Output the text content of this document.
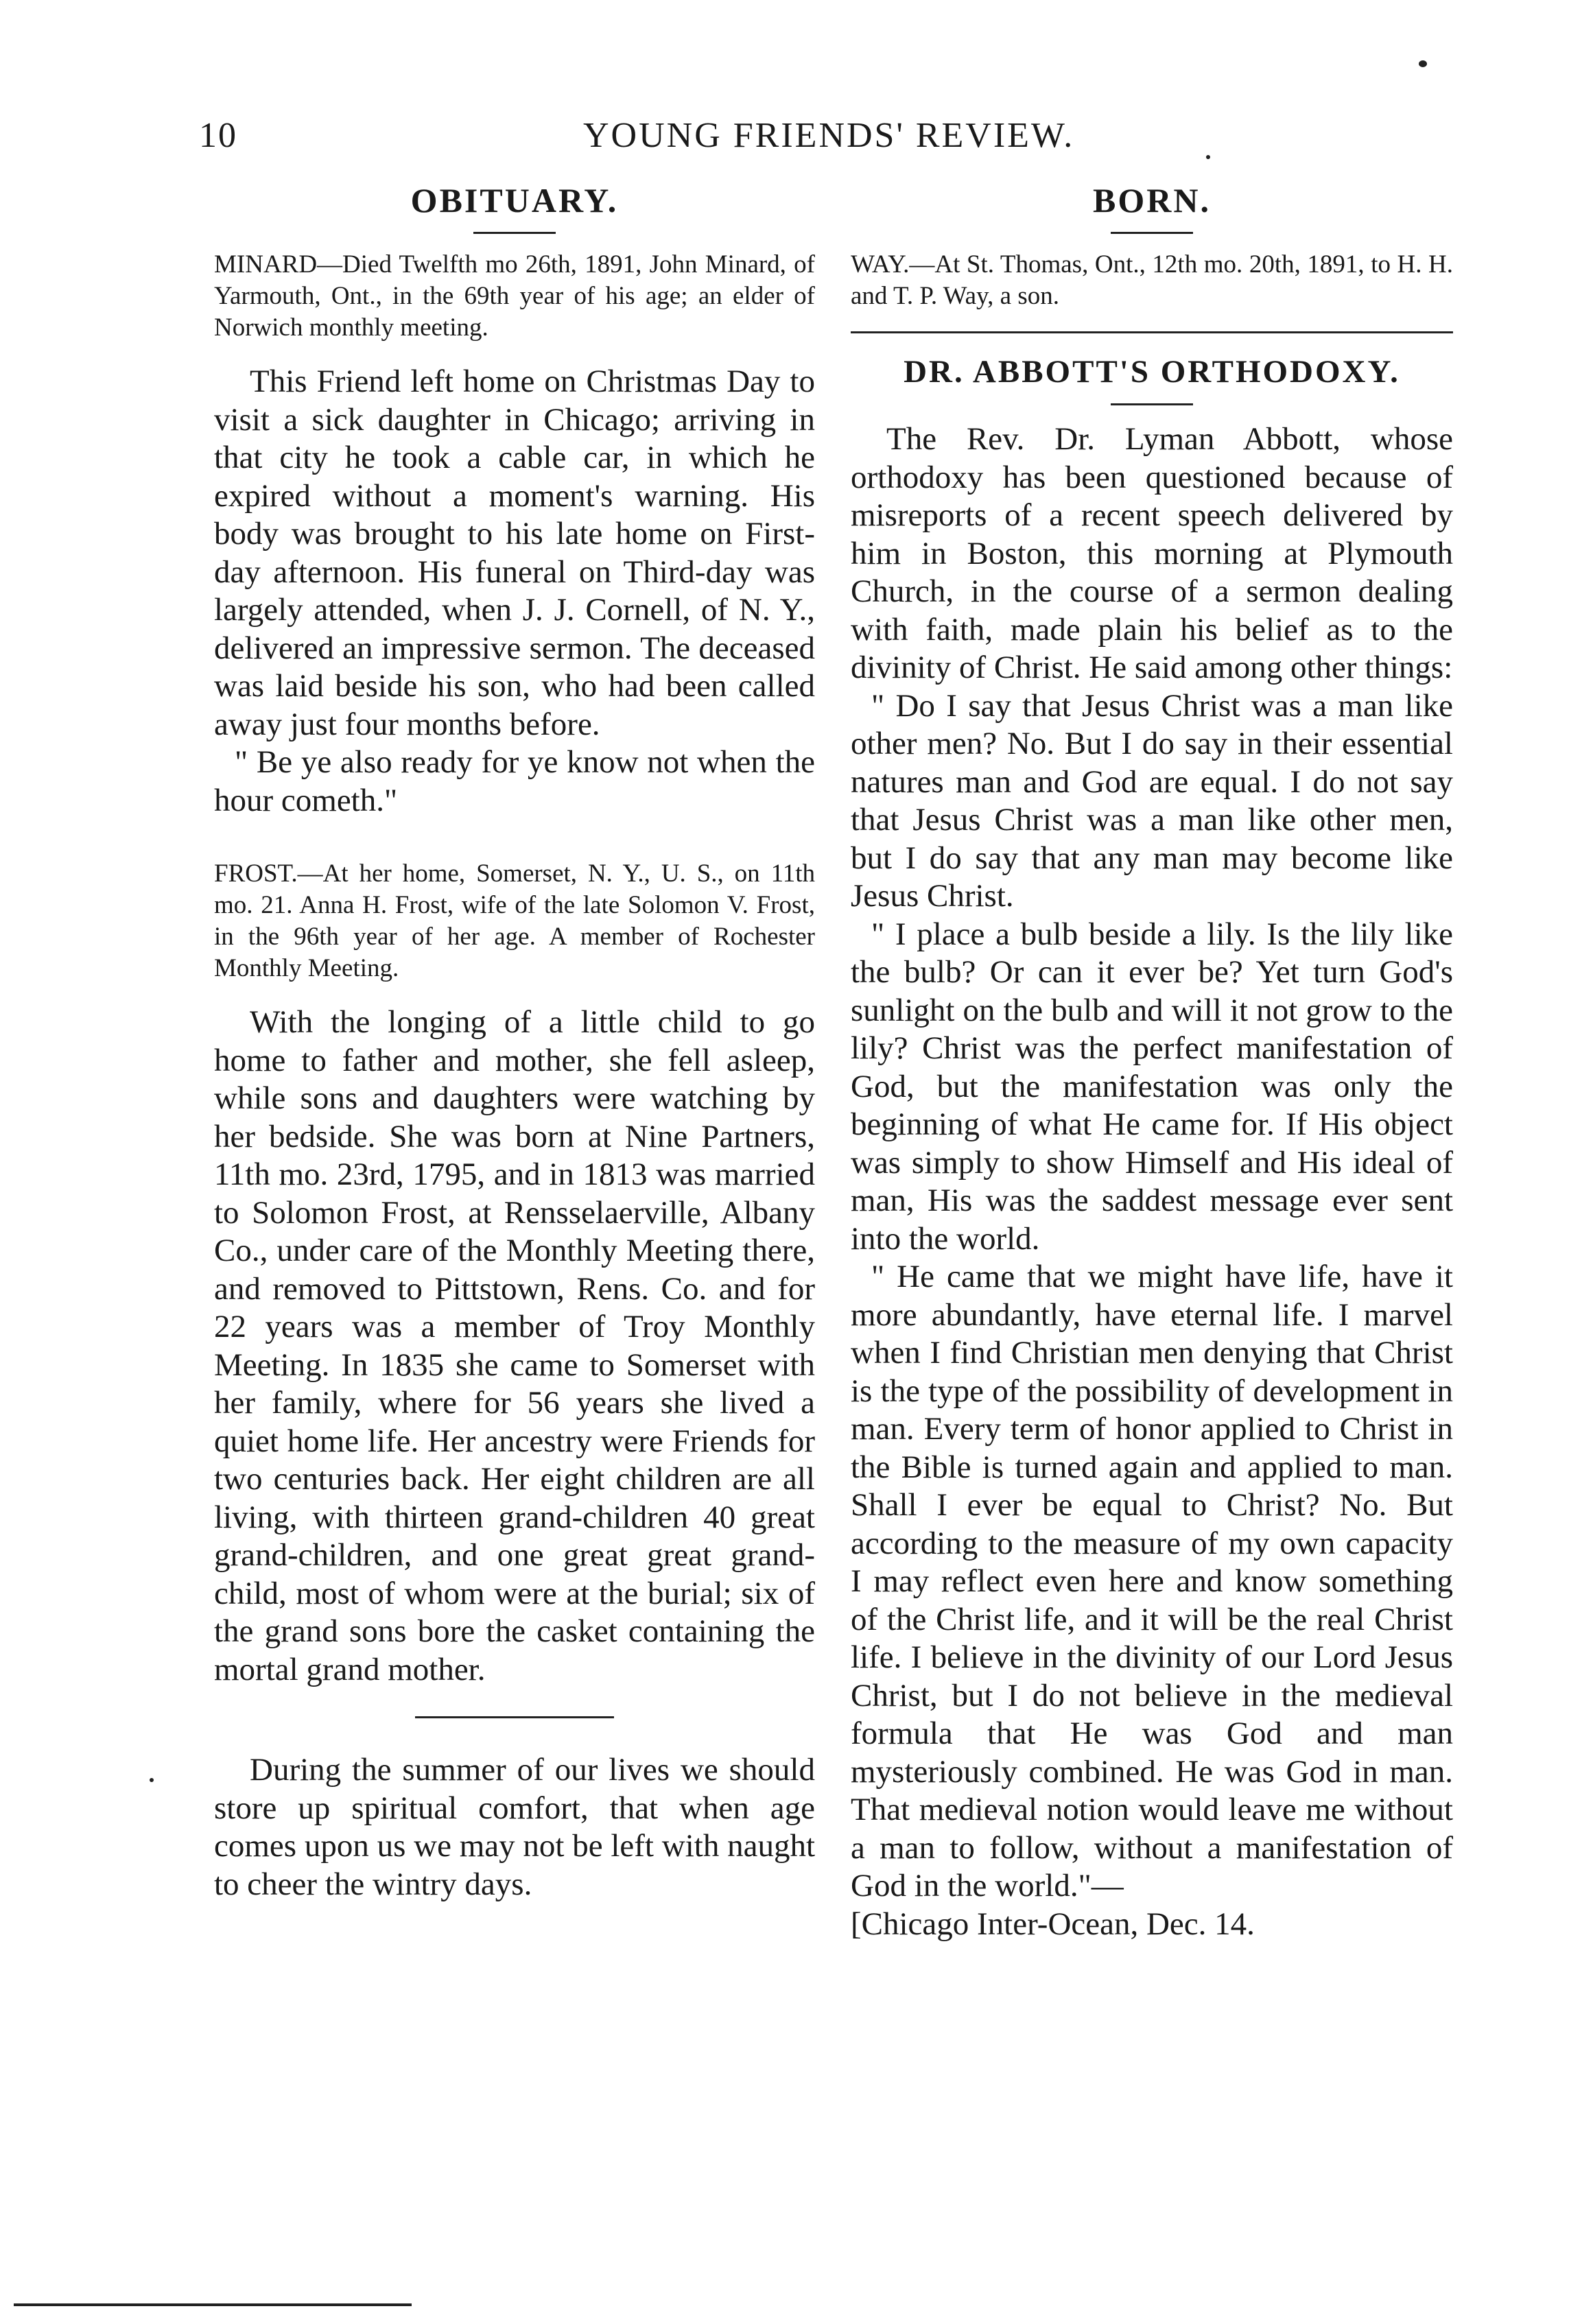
10	YOUNG FRIENDS' REVIEW.
OBITUARY.

MINARD—Died Twelfth mo 26th, 1891, John Minard, of Yarmouth, Ont., in the 69th year of his age; an elder of Norwich monthly meeting.

This Friend left home on Christmas Day to visit a sick daughter in Chicago; arriving in that city he took a cable car, in which he expired without a moment's warning. His body was brought to his late home on First-day afternoon. His funeral on Third-day was largely attended, when J. J. Cornell, of N. Y., delivered an impressive sermon. The deceased was laid beside his son, who had been called away just four months before.

" Be ye also ready for ye know not when the hour cometh."

FROST.—At her home, Somerset, N. Y., U. S., on 11th mo. 21. Anna H. Frost, wife of the late Solomon V. Frost, in the 96th year of her age. A member of Rochester Monthly Meeting.

With the longing of a little child to go home to father and mother, she fell asleep, while sons and daughters were watching by her bedside. She was born at Nine Partners, 11th mo. 23rd, 1795, and in 1813 was married to Solomon Frost, at Rensselaerville, Albany Co., under care of the Monthly Meeting there, and removed to Pittstown, Rens. Co. and for 22 years was a member of Troy Monthly Meeting. In 1835 she came to Somerset with her family, where for 56 years she lived a quiet home life. Her ancestry were Friends for two centuries back. Her eight children are all living, with thirteen grand-children 40 great grand-children, and one great great grand-child, most of whom were at the burial; six of the grand sons bore the casket containing the mortal grand mother.

During the summer of our lives we should store up spiritual comfort, that when age comes upon us we may not be left with naught to cheer the wintry days.

BORN.

WAY.—At St. Thomas, Ont., 12th mo. 20th, 1891, to H. H. and T. P. Way, a son.

DR. ABBOTT'S ORTHODOXY.

The Rev. Dr. Lyman Abbott, whose orthodoxy has been questioned because of misreports of a recent speech delivered by him in Boston, this morning at Plymouth Church, in the course of a sermon dealing with faith, made plain his belief as to the divinity of Christ. He said among other things:

" Do I say that Jesus Christ was a man like other men? No. But I do say in their essential natures man and God are equal. I do not say that Jesus Christ was a man like other men, but I do say that any man may become like Jesus Christ.

" I place a bulb beside a lily. Is the lily like the bulb? Or can it ever be? Yet turn God's sunlight on the bulb and will it not grow to the lily? Christ was the perfect manifestation of God, but the manifestation was only the beginning of what He came for. If His object was simply to show Himself and His ideal of man, His was the saddest message ever sent into the world.

" He came that we might have life, have it more abundantly, have eternal life. I marvel when I find Christian men denying that Christ is the type of the possibility of development in man. Every term of honor applied to Christ in the Bible is turned again and applied to man. Shall I ever be equal to Christ? No. But according to the measure of my own capacity I may reflect even here and know something of the Christ life, and it will be the real Christ life. I believe in the divinity of our Lord Jesus Christ, but I do not believe in the medieval formula that He was God and man mysteriously combined. He was God in man. That medieval notion would leave me without a man to follow, without a manifestation of God in the world."—

[Chicago Inter-Ocean, Dec. 14.
